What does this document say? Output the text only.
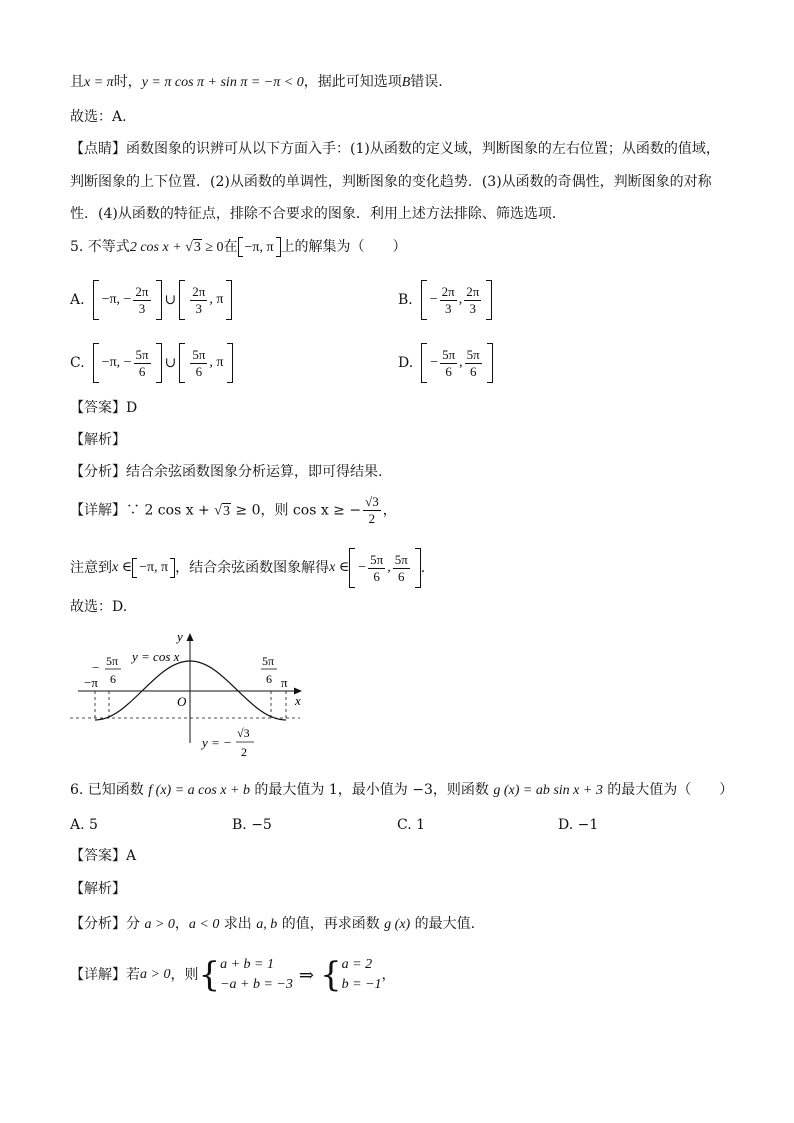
且x = π时，y = π cos π + sin π = −π < 0，据此可知选项B错误.
故选：A.
【点睛】函数图象的识辨可从以下方面入手：(1)从函数的定义域，判断图象的左右位置；从函数的值域，
判断图象的上下位置．(2)从函数的单调性，判断图象的变化趋势．(3)从函数的奇偶性，判断图象的对称
性．(4)从函数的特征点，排除不合要求的图象．利用上述方法排除、筛选选项．
5. 不等式2 cos x + √3 ≥ 0在 −π, π 上的解集为（　　）
A. −π, − $\frac{2\pi}{3}$ ∪ $\frac{2\pi}{3}$ , π	B. − $\frac{2\pi}{3}$ , $\frac{2\pi}{3}$
C. −π, − $\frac{5\pi}{6}$ ∪ $\frac{5\pi}{6}$ , π	D. − $\frac{5\pi}{6}$ , $\frac{5\pi}{6}$
【答案】D
【解析】
【分析】结合余弦函数图象分析运算，即可得结果.
【详解】∵ 2 cos x + √3 ≥ 0，则 cos x ≥ − $\frac{√3}{2}$ ，
注意到 x ∈ −π, π ，结合余弦函数图象解得 x ∈ − $\frac{5\pi}{6}$ , $\frac{5\pi}{6}$ .
故选：D.
y = cos x
y
x
O
−π	π
− 5π
6
5π
6
y = −
√3
2
6. 已知函数 f (x) = a cos x + b 的最大值为 1，最小值为 −3，则函数 g (x) = ab sin x + 3 的最大值为（　　）
A. 5	B. −5	C. 1	D. −1
【答案】A
【解析】
【分析】分 a > 0，a < 0 求出 a, b 的值，再求函数 g (x) 的最大值.
【详解】若 a > 0 ，则 { a + b = 1
−a + b = −3 ⇒ { a = 2
b = −1
，
